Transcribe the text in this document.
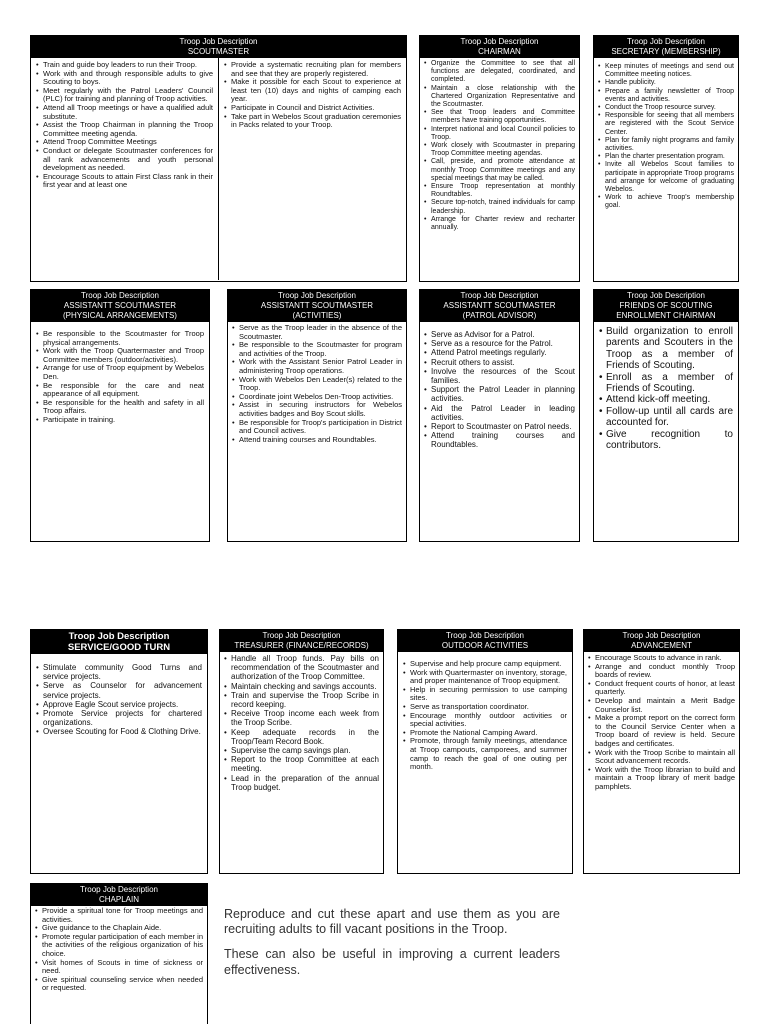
Troop Job Description
SCOUTMASTER
• Train and guide boy leaders to run their Troop.
• Work with and through responsible adults to give Scouting to boys.
• Meet regularly with the Patrol Leaders' Council (PLC) for training and planning of Troop activities.
• Attend all Troop meetings or have a qualified adult substitute.
• Assist the Troop Chairman in planning the Troop Committee meeting agenda.
• Attend Troop Committee Meetings
• Conduct or delegate Scoutmaster conferences for all rank advancements and youth personal development as needed.
• Encourage Scouts to attain First Class rank in their first year and at least one
• Provide a systematic recruiting plan for members and see that they are properly registered.
• Make it possible for each Scout to experience at least ten (10) days and nights of camping each year.
• Participate in Council and District Activities.
• Take part in Webelos Scout graduation ceremonies in Packs related to your Troop.
Troop Job Description
CHAIRMAN
• Organize the Committee to see that all functions are delegated, coordinated, and completed.
• Maintain a close relationship with the Chartered Organization Representative and the Scoutmaster.
• See that Troop leaders and Committee members have training opportunities.
• Interpret national and local Council policies to Troop.
• Work closely with Scoutmaster in preparing Troop Committee meeting agendas.
• Call, preside, and promote attendance at monthly Troop Committee meetings and any special meetings that may be called.
• Ensure Troop representation at monthly Roundtables.
• Secure top-notch, trained individuals for camp leadership.
• Arrange for Charter review and recharter annually.
Troop Job Description
SECRETARY (MEMBERSHIP)
• Keep minutes of meetings and send out Committee meeting notices.
• Handle publicity.
• Prepare a family newsletter of Troop events and activities.
• Conduct the Troop resource survey.
• Responsible for seeing that all members are registered with the Scout Service Center.
• Plan for family night programs and family activities.
• Plan the charter presentation program.
• Invite all Webelos Scout families to participate in appropriate Troop programs and arrange for welcome of graduating Webelos.
• Work to achieve Troop's membership goal.
Troop Job Description
ASSISTANTT SCOUTMASTER
(PHYSICAL ARRANGEMENTS)
• Be responsible to the Scoutmaster for Troop physical arrangements.
• Work with the Troop Quartermaster and Troop Committee members (outdoor/activities).
• Arrange for use of Troop equipment by Webelos Den.
• Be responsible for the care and neat appearance of all equipment.
• Be responsible for the health and safety in all Troop affairs.
• Participate in training.
Troop Job Description
ASSISTANTT SCOUTMASTER
(ACTIVITIES)
• Serve as the Troop leader in the absence of the Scoutmaster.
• Be responsible to the Scoutmaster for program and activities of the Troop.
• Work with the Assistant Senior Patrol Leader in administering Troop operations.
• Work with Webelos Den Leader(s) related to the Troop.
• Coordinate joint Webelos Den-Troop activities.
• Assist in securing instructors for Webelos activities badges and Boy Scout skills.
• Be responsible for Troop's participation in District and Council actives.
• Attend training courses and Roundtables.
Troop Job Description
ASSISTANTT SCOUTMASTER
(PATROL ADVISOR)
• Serve as Advisor for a Patrol.
• Serve as a resource for the Patrol.
• Attend Patrol meetings regularly.
• Recruit others to assist.
• Involve the resources of the Scout families.
• Support the Patrol Leader in planning activities.
• Aid the Patrol Leader in leading activities.
• Report to Scoutmaster on Patrol needs.
• Attend training courses and Roundtables.
Troop Job Description
FRIENDS OF SCOUTING
ENROLLMENT CHAIRMAN
• Build organization to enroll parents and Scouters in the Troop as a member of Friends of Scouting.
• Enroll as a member of Friends of Scouting.
• Attend kick-off meeting.
• Follow-up until all cards are accounted for.
• Give recognition to contributors.
Troop Job Description
SERVICE/GOOD TURN
• Stimulate community Good Turns and service projects.
• Serve as Counselor for advancement service projects.
• Approve Eagle Scout service projects.
• Promote Service projects for chartered organizations.
• Oversee Scouting for Food & Clothing Drive.
Troop Job Description
TREASURER (FINANCE/RECORDS)
• Handle all Troop funds. Pay bills on recommendation of the Scoutmaster and authorization of the Troop Committee.
• Maintain checking and savings accounts.
• Train and supervise the Troop Scribe in record keeping.
• Receive Troop income each week from the Troop Scribe.
• Keep adequate records in the Troop/Team Record Book.
• Supervise the camp savings plan.
• Report to the troop Committee at each meeting.
• Lead in the preparation of the annual Troop budget.
Troop Job Description
OUTDOOR ACTIVITIES
• Supervise and help procure camp equipment.
• Work with Quartermaster on inventory, storage, and proper maintenance of Troop equipment.
• Help in securing permission to use camping sites.
• Serve as transportation coordinator.
• Encourage monthly outdoor activities or special activities.
• Promote the National Camping Award.
• Promote, through family meetings, attendance at Troop campouts, camporees, and summer camp to reach the goal of one outing per month.
Troop Job Description
ADVANCEMENT
• Encourage Scouts to advance in rank.
• Arrange and conduct monthly Troop boards of review.
• Conduct frequent courts of honor, at least quarterly.
• Develop and maintain a Merit Badge Counselor list.
• Make a prompt report on the correct form to the Council Service Center when a Troop board of review is held. Secure badges and certificates.
• Work with the Troop Scribe to maintain all Scout advancement records.
• Work with the Troop librarian to build and maintain a Troop library of merit badge pamphlets.
Troop Job Description
CHAPLAIN
• Provide a spiritual tone for Troop meetings and activities.
• Give guidance to the Chaplain Aide.
• Promote regular participation of each member in the activities of the religious organization of his choice.
• Visit homes of Scouts in time of sickness or need.
• Give spiritual counseling service when needed or requested.

Reproduce and cut these apart and use them as you are recruiting adults to fill vacant positions in the Troop.

These can also be useful in improving a current leaders effectiveness.
